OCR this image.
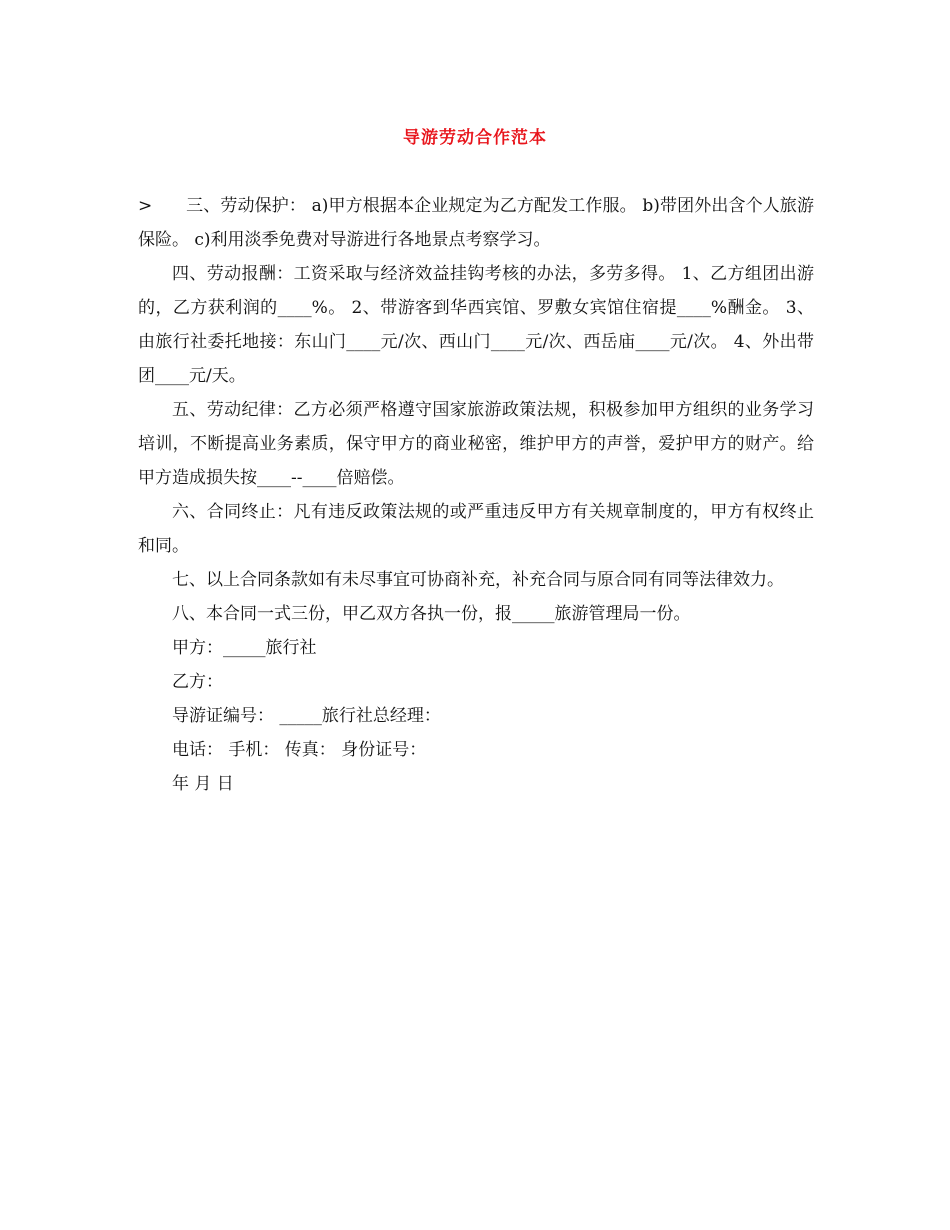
导游劳动合作范本

> 三、劳动保护： a)甲方根据本企业规定为乙方配发工作服。 b)带团外出含个人旅游保险。 c)利用淡季免费对导游进行各地景点考察学习。

四、劳动报酬：工资采取与经济效益挂钩考核的办法，多劳多得。 1、乙方组团出游的，乙方获利润的____%。 2、带游客到华西宾馆、罗敷女宾馆住宿提____%酬金。 3、由旅行社委托地接：东山门____元/次、西山门____元/次、西岳庙____元/次。 4、外出带团____元/天。

五、劳动纪律：乙方必须严格遵守国家旅游政策法规，积极参加甲方组织的业务学习培训，不断提高业务素质，保守甲方的商业秘密，维护甲方的声誉，爱护甲方的财产。给甲方造成损失按____--____倍赔偿。

六、合同终止：凡有违反政策法规的或严重违反甲方有关规章制度的，甲方有权终止和同。

七、以上合同条款如有未尽事宜可协商补充，补充合同与原合同有同等法律效力。

八、本合同一式三份，甲乙双方各执一份，报_____旅游管理局一份。

甲方：_____旅行社

乙方：

导游证编号： _____旅行社总经理：

电话： 手机： 传真： 身份证号：

年 月 日
